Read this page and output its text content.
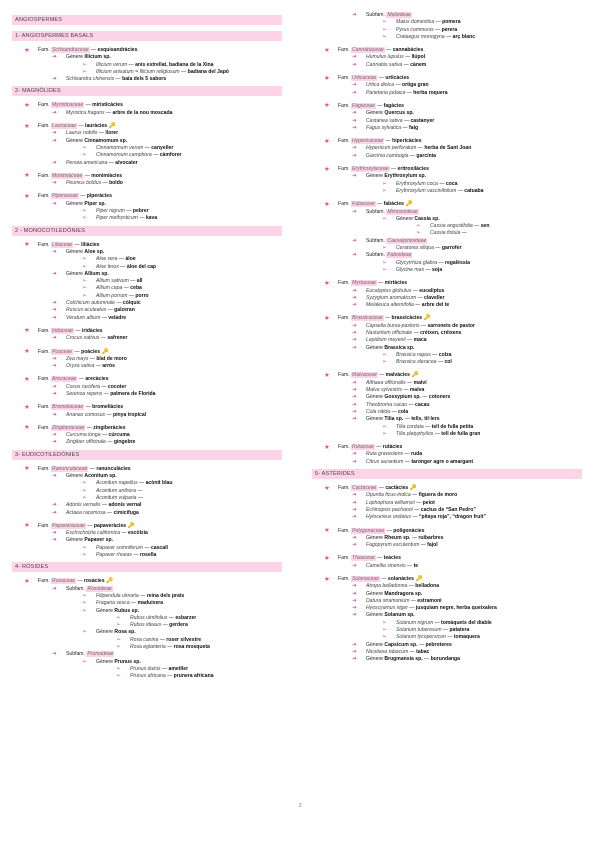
ANGIOSPERMES
1- ANGIOSPERMES BASALS
★ Fam. Schisandraceae — esquisandràcies
➜ Gènere Illicium sp.
➢ Illicium verum — anís estrellat, badiana de la Xina
➢ Illicium anisatum = Illicium religiosum — badiana del Japó
➜ Schisandra chinensis — baia dels 5 sabors
2- MAGNÒLIDES
★ Fam. Myristicaceae — miristicàcies
➜ Myristica fragans — arbre de la nou moscada
★ Fam. Lauraceae — lauràcies 🔑
➜ Laurus nobilis — llorer
➜ Gènere Cinnamomum sp.
➢ Cinnamomum verum — canyeller
➢ Cinnamomum camphora — càmforer
➜ Persea americana — alvocater
★ Fam. Monimiaceae — monimiàcies
➜ Peumus boldus — boldo
★ Fam. Piperaceae — piperàcies
➜ Gènere Piper sp.
➢ Piper nigrum — pebrer
➢ Piper methysticum — kava
2 - MONOCOTILEDÒNIES
★ Fam. Liliaceae — liliàcies
➜ Gènere Aloe sp.
➢ Aloe vera — àloe
➢ Aloe ferox — àloe del cap
➜ Gènere Allium sp.
➢ Allium sativum — all
➢ Allium cepa — ceba
➢ Allium porrum — porro
➜ Colchicum autumnale — còlquic
➜ Ruscus aculeatus — galzeran
➜ Veratum album — veladre
★ Fam. Iridaceae — iridàcies
➜ Crocus sativus — safrener
★ Fam. Poaceae — poàcies 🔑
➜ Zea mays — blat de moro
➜ Oryza sativa — arròs
★ Fam. Arecaceae — arecàcies
➜ Cocos nucifera — cocoter
➜ Serenoa repens — palmera de Florida
★ Fam. Bromeliaceae — bromeliàcies
➜ Ananas comosus — pinya tropical
★ Fam. Zingiberaceae — zingiberàcies
➜ Curcuma longa — cúrcuma
➜ Zingiber officinale — gingebre
3- EUDICOTILEDÒNIES
★ Fam. Ranunculaceae — ranunculàcies
➜ Gènere Aconitum sp.
➢ Aconitum napellus — acònit blau
➢ Aconitum anthora —
➢ Aconitum vulparia —
➜ Adonis vernalis — adonis vernal
➜ Actaea racemosa — cimicífuga
★ Fam. Papaveraceae — papaveràcies 🔑
➜ Eschscholzia californica — escòlzia
➜ Gènere Papaver sp.
➢ Papaver somniferum — cascall
➢ Papaver rhoeas — rosella
4- RÒSIDES
★ Fam. Rosaceae — rosàcies 🔑
➜ Subfam. Rosoideae
➢ Filipendula ulmaria — reina dels prats
➢ Fragaria vesca — maduixera
➢ Gènere Rubus sp.
➢ Rubus ulmifolius — esbarzer
➢ Rubus ideaus — gerdera
➢ Gènere Rosa sp.
➢ Rosa canina — roser silvestre
➢ Rosa eglanteria — rosa mosqueta
➜ Subfam. Prunoideae
➢ Gènere Prunus sp.
➢ Prunus dulcis — ametller
➢ Prunus africana — prunera africana
➜ Subfam. Maloideae
➢ Malus domestica — pomera
➢ Pyrus communis — perera
➢ Crataegus monogyna — arç blanc
★ Fam. Cannabaceae — cannabàcies
➜ Humulus lupulus — llúpol
➜ Cannabis sativa — cànem
★ Fam. Urticaceae — urticàcies
➜ Urtica dioica — ortiga gran
➜ Parietaria judaica — herba roquera
★ Fam. Fagaceae — fagàcies
➜ Gènere Quercus sp.
➜ Castanea sativa — castanyer
➜ Fagus sylvatica — faig
★ Fam. Hypericaceae — hipericàcies
➜ Hypericum perforatum — herba de Sant Joan
➜ Garcinia cambogia — garcínia
★ Fam. Erythroxylaceae — eritroxilàcies
➜ Gènere Erythroxylum sp.
➢ Erythroxylum coca — coca
➢ Erythroxylum vaccinifolium — catuaba
★ Fam. Fabaceae — fabàcies 🔑
➜ Subfam. Mimosoideae
➢ Gènere Cassia sp.
➢ Cassia angustifolia — sen
➢ Cassia fistula —
➜ Subfam. Caesalpinioideae
➢ Ceratonia siliqua — garrofer
➜ Subfam. Faboideae
➢ Glycyrrhiza glabra — regalèssia
➢ Glycine max — soja
★ Fam. Myrtaceae — mirtàcies
➜ Eucalyptus globulus — eucaliptus
➜ Syzygium aromaticum — claveller
➜ Melaleuca alternifolia — arbre del te
★ Fam. Brassicaceae — brassicàcies 🔑
➜ Capsella bursa-pastoris — sarronets de pastor
➜ Nasturtium officinale — créixen, créixens
➜ Lepidium meyenii — maca
➜ Gènere Brassica sp.
➢ Brassica napus — colza
➢ Brassica oleracea — col
★ Fam. Malvaceae — malvàcies 🔑
➜ Althaea officinalis — malví
➜ Malva sylvestris — malva
➜ Gènere Gossypium sp. — cotoners
➜ Theobroma cacao — cacau
➜ Cola nitida — cola
➜ Gènere Tilia sp. — tells, til·lers
➢ Tilia cordata — tell de fulla petita
➢ Tilia platyphyllos — tell de fulla gran
★ Fam. Rutaceae — rutàcies
➜ Ruta graveolens — ruda
➜ Citrus aurantium — taronger agre o amargant
5- ASTÈRIDES
★ Fam. Cactaceae — cactàcies 🔑
➜ Opuntia ficus-indica — figuera de moro
➜ Lophophora williamsii — peiot
➜ Echinopsis pachanoi — cactus de “San Pedro”
➜ Hylocereus undatus — “pitaya roja”, “dragon fruit”
★ Fam. Polygonaceae — poligonàcies
➜ Gènere Rheum sp. — ruibarbres
➜ Fagopyrum esculentum — fajol
★ Fam. Theaceae — teàcies
➜ Camellia sinensis — te
★ Fam. Solanaceae — solanàcies 🔑
➜ Atropa belladonna — belladona
➜ Gènere Mandragora sp.
➜ Datura stramonium — estramoni
➜ Hyoscyamus niger — jusquiam negre, herba queixalera
➜ Gènere Solanum sp.
➢ Solanum nigrum — tomàquets del diable
➢ Solanum tuberosum — patatera
➢ Solanum lycopersicon — tomaquera
➜ Gènere Capsicum sp. — pebroteres
➜ Nicotiana tabacum — tabac
➜ Gènere Brugmansia sp. — burundanga
2
